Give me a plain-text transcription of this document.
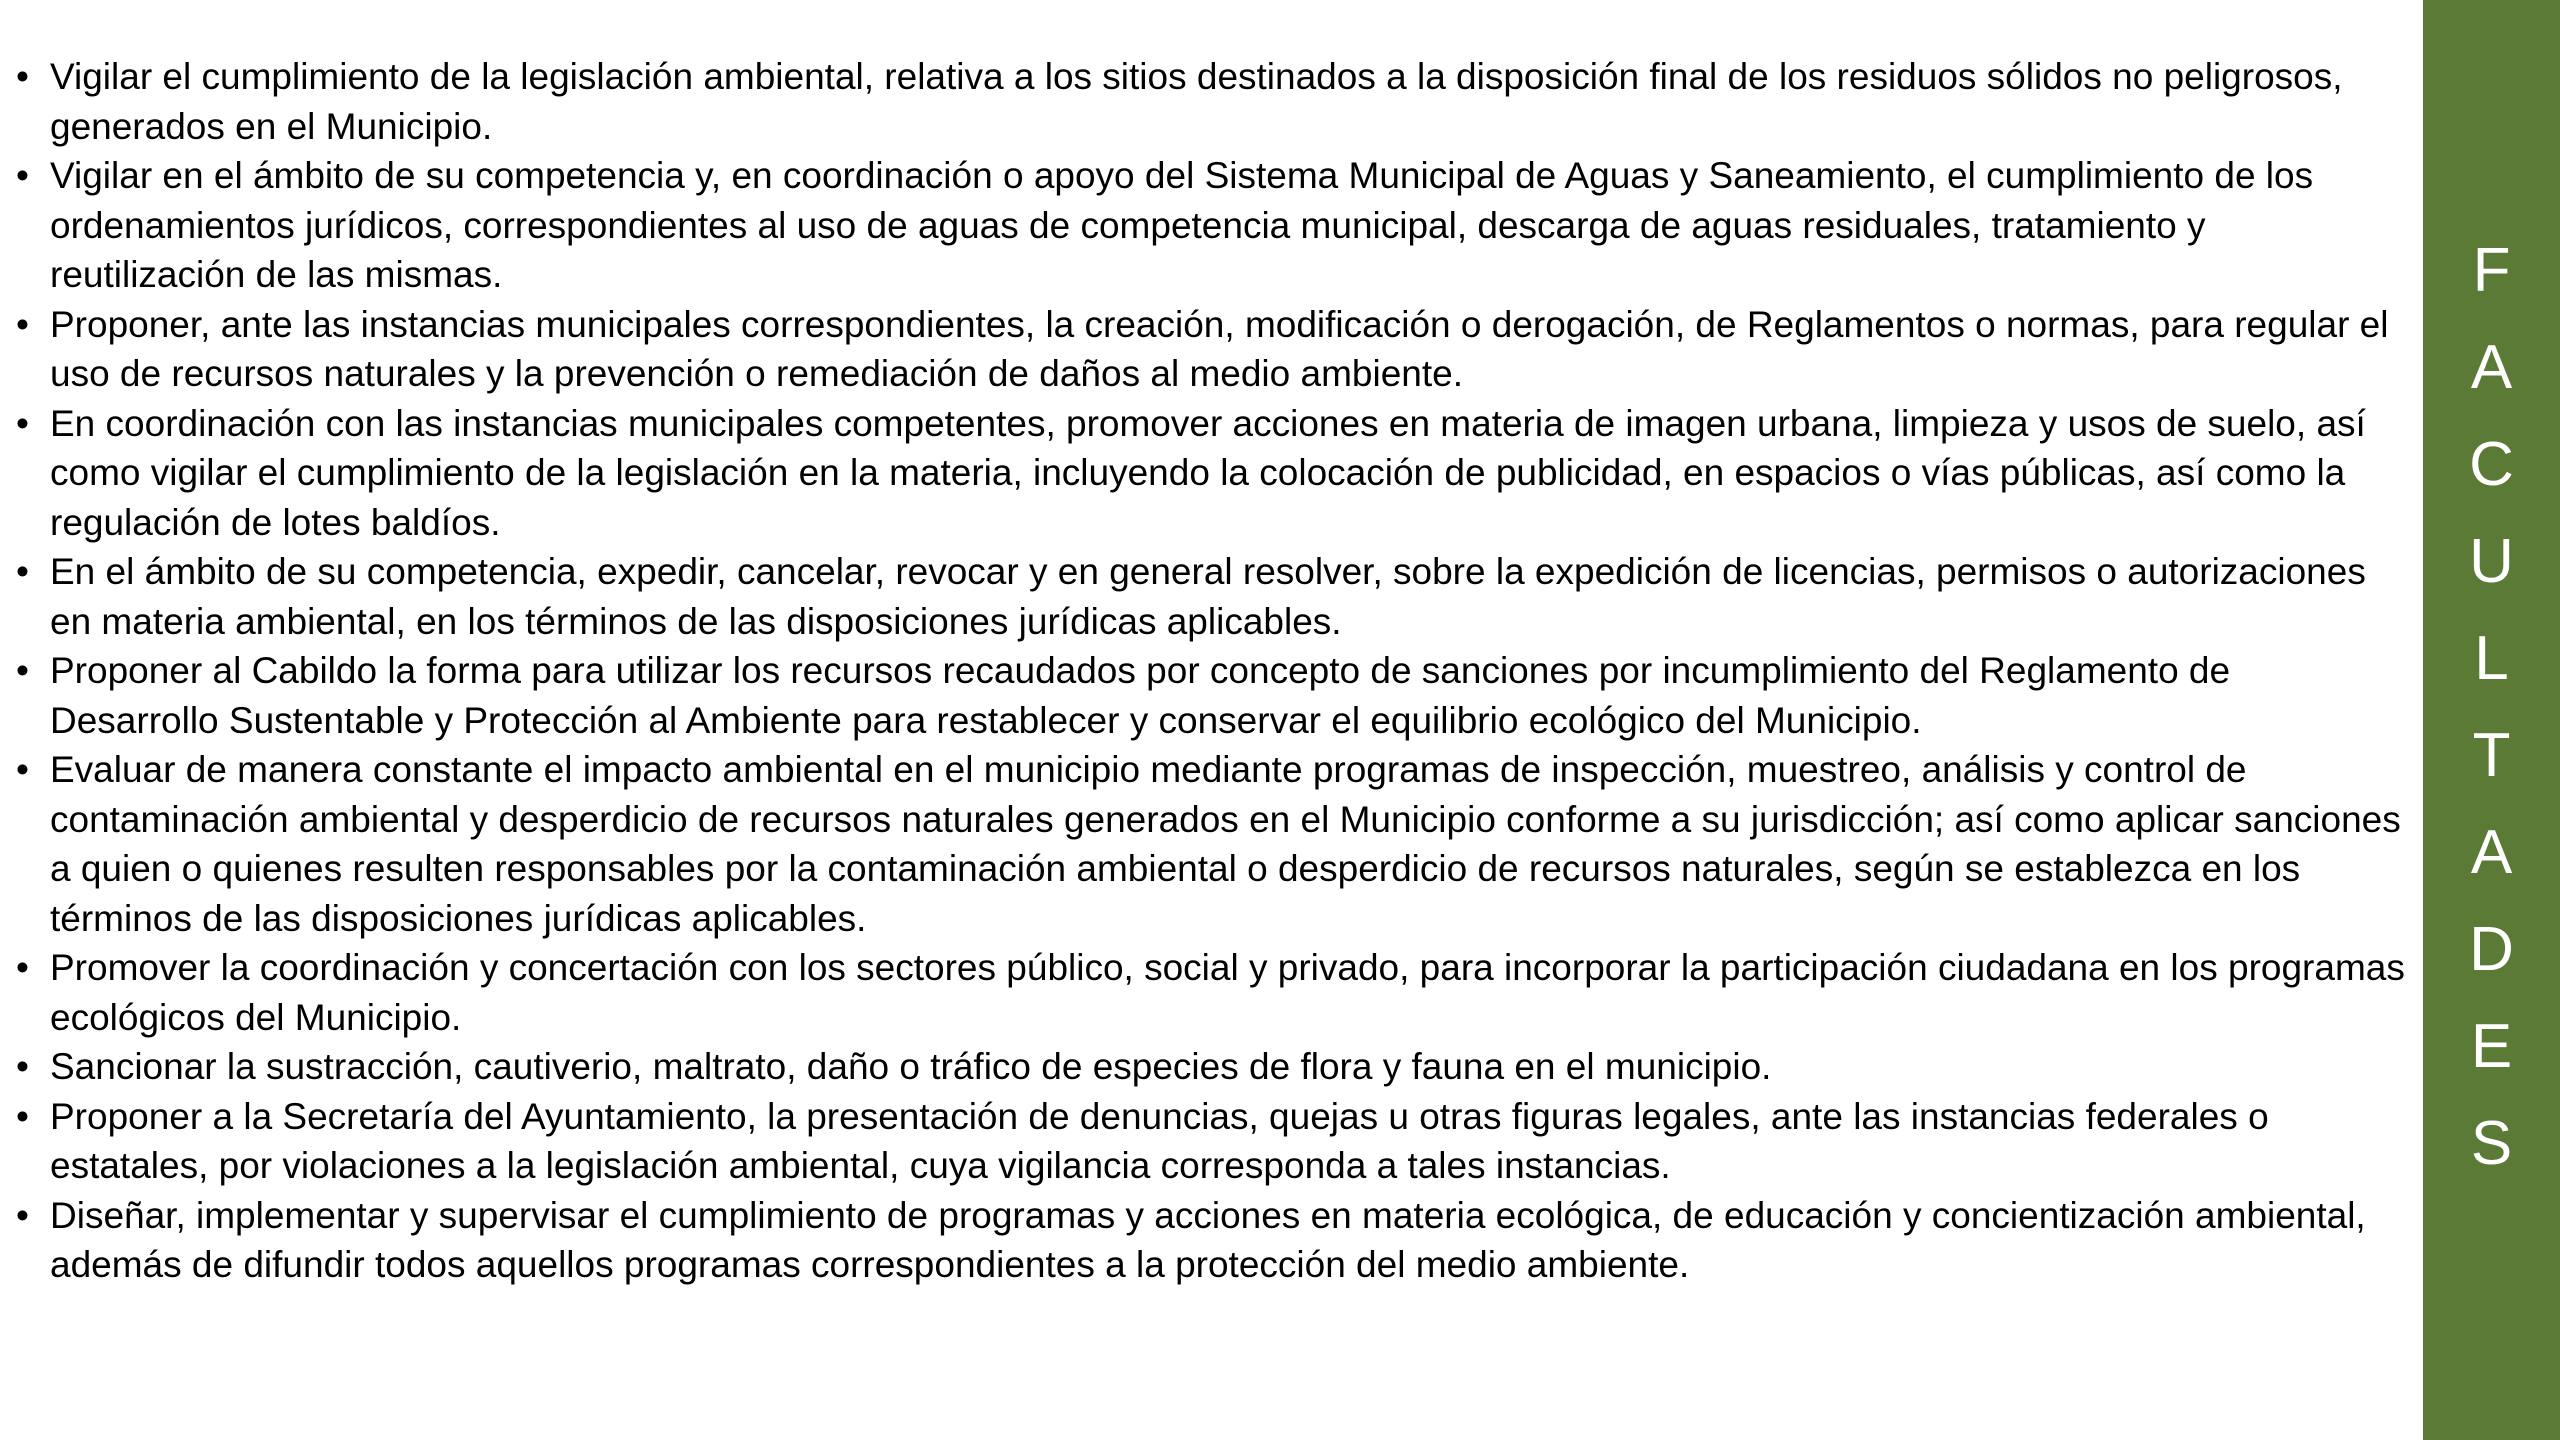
• Vigilar el cumplimiento de la legislación ambiental, relativa a los sitios destinados a la disposición final de los residuos sólidos no peligrosos, generados en el Municipio.
• Vigilar en el ámbito de su competencia y, en coordinación o apoyo del Sistema Municipal de Aguas y Saneamiento, el cumplimiento de los ordenamientos jurídicos, correspondientes al uso de aguas de competencia municipal, descarga de aguas residuales, tratamiento y reutilización de las mismas.
• Proponer, ante las instancias municipales correspondientes, la creación, modificación o derogación, de Reglamentos o normas, para regular el uso de recursos naturales y la prevención o remediación de daños al medio ambiente.
• En coordinación con las instancias municipales competentes, promover acciones en materia de imagen urbana, limpieza y usos de suelo, así como vigilar el cumplimiento de la legislación en la materia, incluyendo la colocación de publicidad, en espacios o vías públicas, así como la regulación de lotes baldíos.
• En el ámbito de su competencia, expedir, cancelar, revocar y en general resolver, sobre la expedición de licencias, permisos o autorizaciones en materia ambiental, en los términos de las disposiciones jurídicas aplicables.
• Proponer al Cabildo la forma para utilizar los recursos recaudados por concepto de sanciones por incumplimiento del Reglamento de Desarrollo Sustentable y Protección al Ambiente para restablecer y conservar el equilibrio ecológico del Municipio.
• Evaluar de manera constante el impacto ambiental en el municipio mediante programas de inspección, muestreo, análisis y control de contaminación ambiental y desperdicio de recursos naturales generados en el Municipio conforme a su jurisdicción; así como aplicar sanciones a quien o quienes resulten responsables por la contaminación ambiental o desperdicio de recursos naturales, según se establezca en los términos de las disposiciones jurídicas aplicables.
• Promover la coordinación y concertación con los sectores público, social y privado, para incorporar la participación ciudadana en los programas ecológicos del Municipio.
• Sancionar la sustracción, cautiverio, maltrato, daño o tráfico de especies de flora y fauna en el municipio.
• Proponer a la Secretaría del Ayuntamiento, la presentación de denuncias, quejas u otras figuras legales, ante las instancias federales o estatales, por violaciones a la legislación ambiental, cuya vigilancia corresponda a tales instancias.
• Diseñar, implementar y supervisar el cumplimiento de programas y acciones en materia ecológica, de educación y concientización ambiental, además de difundir todos aquellos programas correspondientes a la protección del medio ambiente.
F
A
C
U
L
T
A
D
E
S
